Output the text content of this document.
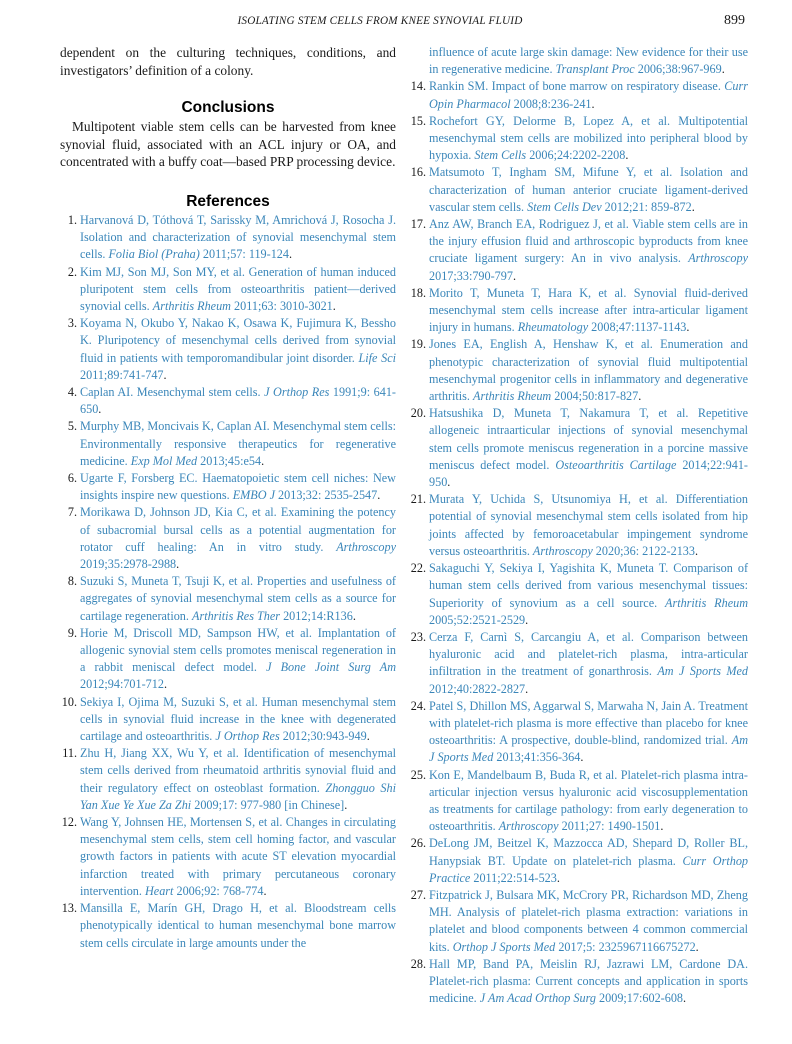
ISOLATING STEM CELLS FROM KNEE SYNOVIAL FLUID	899

dependent on the culturing techniques, conditions, and investigators’ definition of a colony.

Conclusions

Multipotent viable stem cells can be harvested from knee synovial fluid, associated with an ACL injury or OA, and concentrated with a buffy coat—based PRP processing device.

References
1. Harvanová D, Tóthová T, Sarissky M, Amrichová J, Rosocha J. Isolation and characterization of synovial mesenchymal stem cells. Folia Biol (Praha) 2011;57: 119-124.
2. Kim MJ, Son MJ, Son MY, et al. Generation of human induced pluripotent stem cells from osteoarthritis patient—derived synovial cells. Arthritis Rheum 2011;63: 3010-3021.
3. Koyama N, Okubo Y, Nakao K, Osawa K, Fujimura K, Bessho K. Pluripotency of mesenchymal cells derived from synovial fluid in patients with temporomandibular joint disorder. Life Sci 2011;89:741-747.
4. Caplan AI. Mesenchymal stem cells. J Orthop Res 1991;9: 641-650.
5. Murphy MB, Moncivais K, Caplan AI. Mesenchymal stem cells: Environmentally responsive therapeutics for regenerative medicine. Exp Mol Med 2013;45:e54.
6. Ugarte F, Forsberg EC. Haematopoietic stem cell niches: New insights inspire new questions. EMBO J 2013;32: 2535-2547.
7. Morikawa D, Johnson JD, Kia C, et al. Examining the potency of subacromial bursal cells as a potential augmentation for rotator cuff healing: An in vitro study. Arthroscopy 2019;35:2978-2988.
8. Suzuki S, Muneta T, Tsuji K, et al. Properties and usefulness of aggregates of synovial mesenchymal stem cells as a source for cartilage regeneration. Arthritis Res Ther 2012;14:R136.
9. Horie M, Driscoll MD, Sampson HW, et al. Implantation of allogenic synovial stem cells promotes meniscal regeneration in a rabbit meniscal defect model. J Bone Joint Surg Am 2012;94:701-712.
10. Sekiya I, Ojima M, Suzuki S, et al. Human mesenchymal stem cells in synovial fluid increase in the knee with degenerated cartilage and osteoarthritis. J Orthop Res 2012;30:943-949.
11. Zhu H, Jiang XX, Wu Y, et al. Identification of mesenchymal stem cells derived from rheumatoid arthritis synovial fluid and their regulatory effect on osteoblast formation. Zhongguo Shi Yan Xue Ye Xue Za Zhi 2009;17: 977-980 [in Chinese].
12. Wang Y, Johnsen HE, Mortensen S, et al. Changes in circulating mesenchymal stem cells, stem cell homing factor, and vascular growth factors in patients with acute ST elevation myocardial infarction treated with primary percutaneous coronary intervention. Heart 2006;92: 768-774.
13. Mansilla E, Marín GH, Drago H, et al. Bloodstream cells phenotypically identical to human mesenchymal bone marrow stem cells circulate in large amounts under the
influence of acute large skin damage: New evidence for their use in regenerative medicine. Transplant Proc 2006;38:967-969.
14. Rankin SM. Impact of bone marrow on respiratory disease. Curr Opin Pharmacol 2008;8:236-241.
15. Rochefort GY, Delorme B, Lopez A, et al. Multipotential mesenchymal stem cells are mobilized into peripheral blood by hypoxia. Stem Cells 2006;24:2202-2208.
16. Matsumoto T, Ingham SM, Mifune Y, et al. Isolation and characterization of human anterior cruciate ligament-derived vascular stem cells. Stem Cells Dev 2012;21: 859-872.
17. Anz AW, Branch EA, Rodriguez J, et al. Viable stem cells are in the injury effusion fluid and arthroscopic byproducts from knee cruciate ligament surgery: An in vivo analysis. Arthroscopy 2017;33:790-797.
18. Morito T, Muneta T, Hara K, et al. Synovial fluid-derived mesenchymal stem cells increase after intra-articular ligament injury in humans. Rheumatology 2008;47:1137-1143.
19. Jones EA, English A, Henshaw K, et al. Enumeration and phenotypic characterization of synovial fluid multipotential mesenchymal progenitor cells in inflammatory and degenerative arthritis. Arthritis Rheum 2004;50:817-827.
20. Hatsushika D, Muneta T, Nakamura T, et al. Repetitive allogeneic intraarticular injections of synovial mesenchymal stem cells promote meniscus regeneration in a porcine massive meniscus defect model. Osteoarthritis Cartilage 2014;22:941-950.
21. Murata Y, Uchida S, Utsunomiya H, et al. Differentiation potential of synovial mesenchymal stem cells isolated from hip joints affected by femoroacetabular impingement syndrome versus osteoarthritis. Arthroscopy 2020;36: 2122-2133.
22. Sakaguchi Y, Sekiya I, Yagishita K, Muneta T. Comparison of human stem cells derived from various mesenchymal tissues: Superiority of synovium as a cell source. Arthritis Rheum 2005;52:2521-2529.
23. Cerza F, Carnì S, Carcangiu A, et al. Comparison between hyaluronic acid and platelet-rich plasma, intra-articular infiltration in the treatment of gonarthrosis. Am J Sports Med 2012;40:2822-2827.
24. Patel S, Dhillon MS, Aggarwal S, Marwaha N, Jain A. Treatment with platelet-rich plasma is more effective than placebo for knee osteoarthritis: A prospective, double-blind, randomized trial. Am J Sports Med 2013;41:356-364.
25. Kon E, Mandelbaum B, Buda R, et al. Platelet-rich plasma intra-articular injection versus hyaluronic acid viscosupplementation as treatments for cartilage pathology: from early degeneration to osteoarthritis. Arthroscopy 2011;27: 1490-1501.
26. DeLong JM, Beitzel K, Mazzocca AD, Shepard D, Roller BL, Hanypsiak BT. Update on platelet-rich plasma. Curr Orthop Practice 2011;22:514-523.
27. Fitzpatrick J, Bulsara MK, McCrory PR, Richardson MD, Zheng MH. Analysis of platelet-rich plasma extraction: variations in platelet and blood components between 4 common commercial kits. Orthop J Sports Med 2017;5: 2325967116675272.
28. Hall MP, Band PA, Meislin RJ, Jazrawi LM, Cardone DA. Platelet-rich plasma: Current concepts and application in sports medicine. J Am Acad Orthop Surg 2009;17:602-608.
